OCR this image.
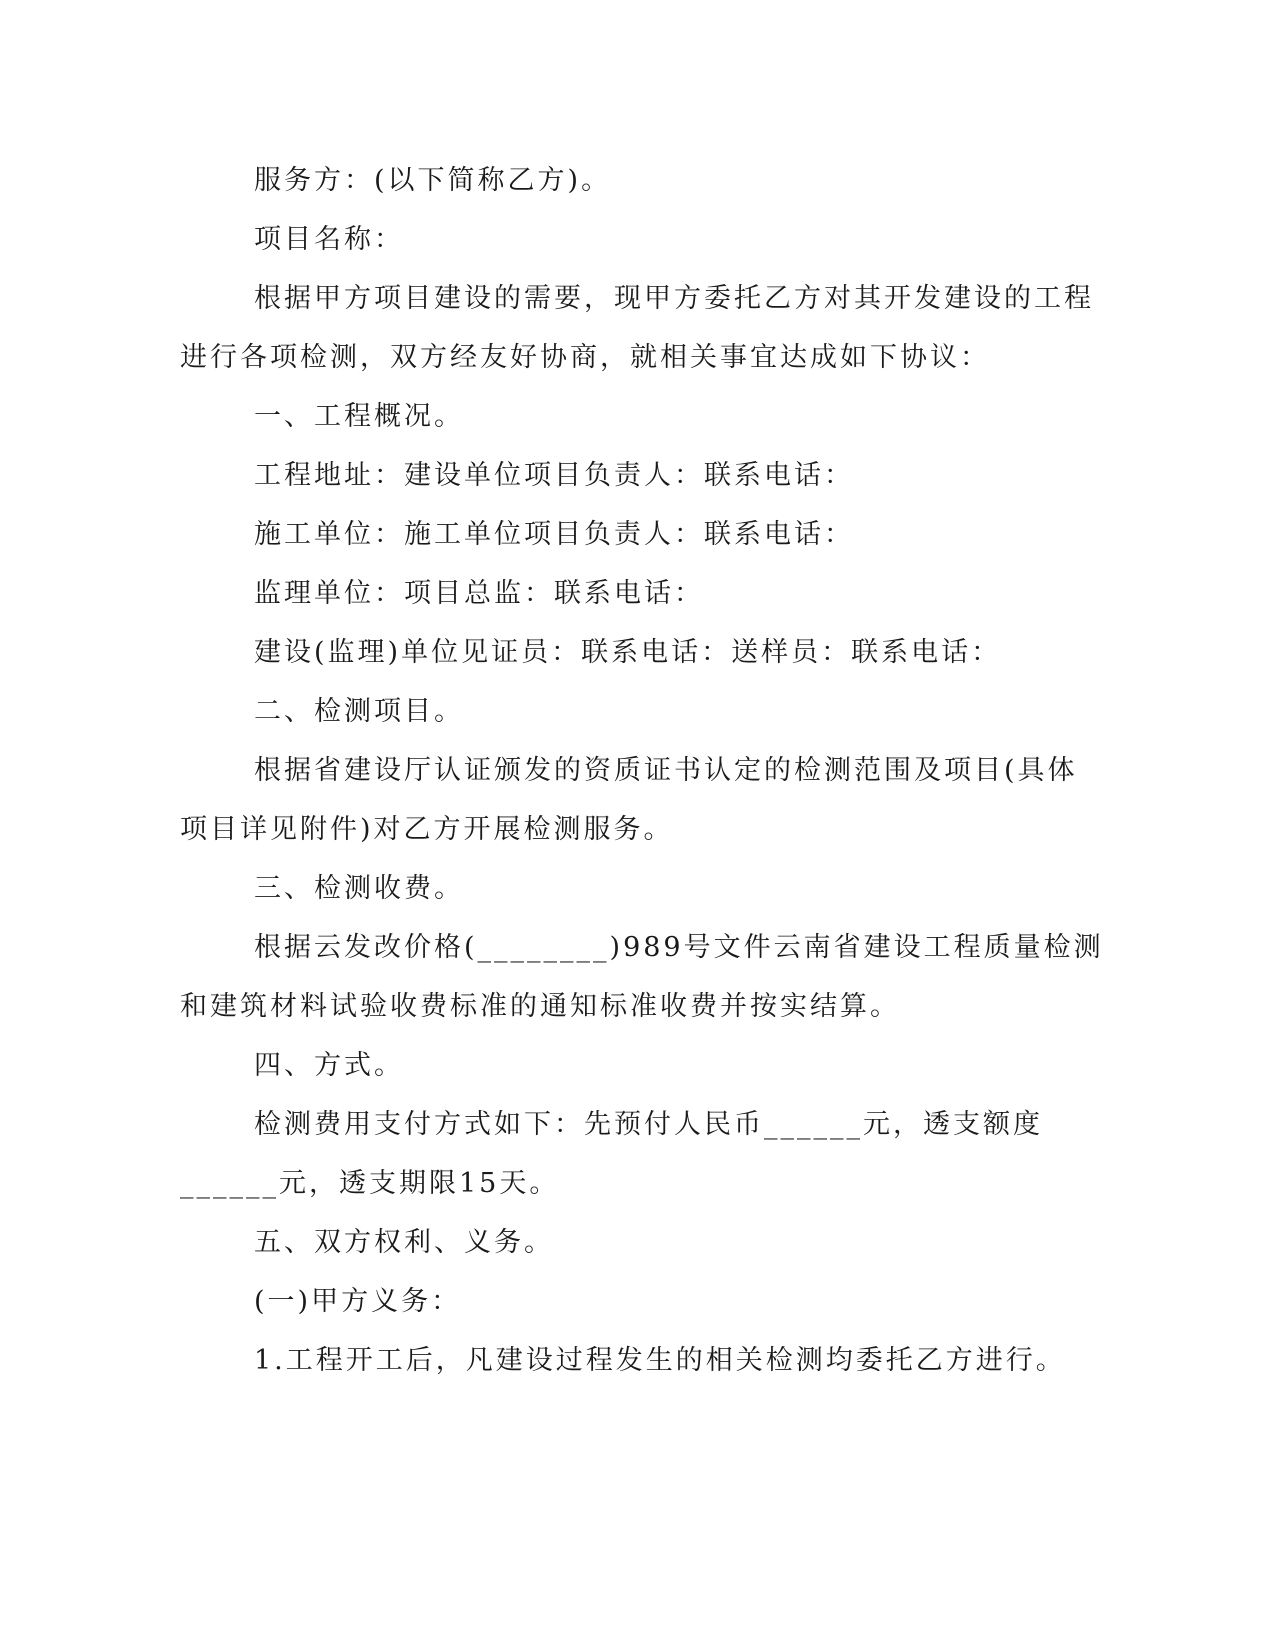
服务方：(以下简称乙方)。

项目名称：

根据甲方项目建设的需要，现甲方委托乙方对其开发建设的工程

进行各项检测，双方经友好协商，就相关事宜达成如下协议：

一、工程概况。

工程地址：建设单位项目负责人：联系电话：

施工单位：施工单位项目负责人：联系电话：

监理单位：项目总监：联系电话：

建设(监理)单位见证员：联系电话：送样员：联系电话：

二、检测项目。

根据省建设厅认证颁发的资质证书认定的检测范围及项目(具体

项目详见附件)对乙方开展检测服务。

三、检测收费。

根据云发改价格(________)989号文件云南省建设工程质量检测

和建筑材料试验收费标准的通知标准收费并按实结算。

四、方式。

检测费用支付方式如下：先预付人民币______元，透支额度

______元，透支期限15天。

五、双方权利、义务。

(一)甲方义务：

1.工程开工后，凡建设过程发生的相关检测均委托乙方进行。
